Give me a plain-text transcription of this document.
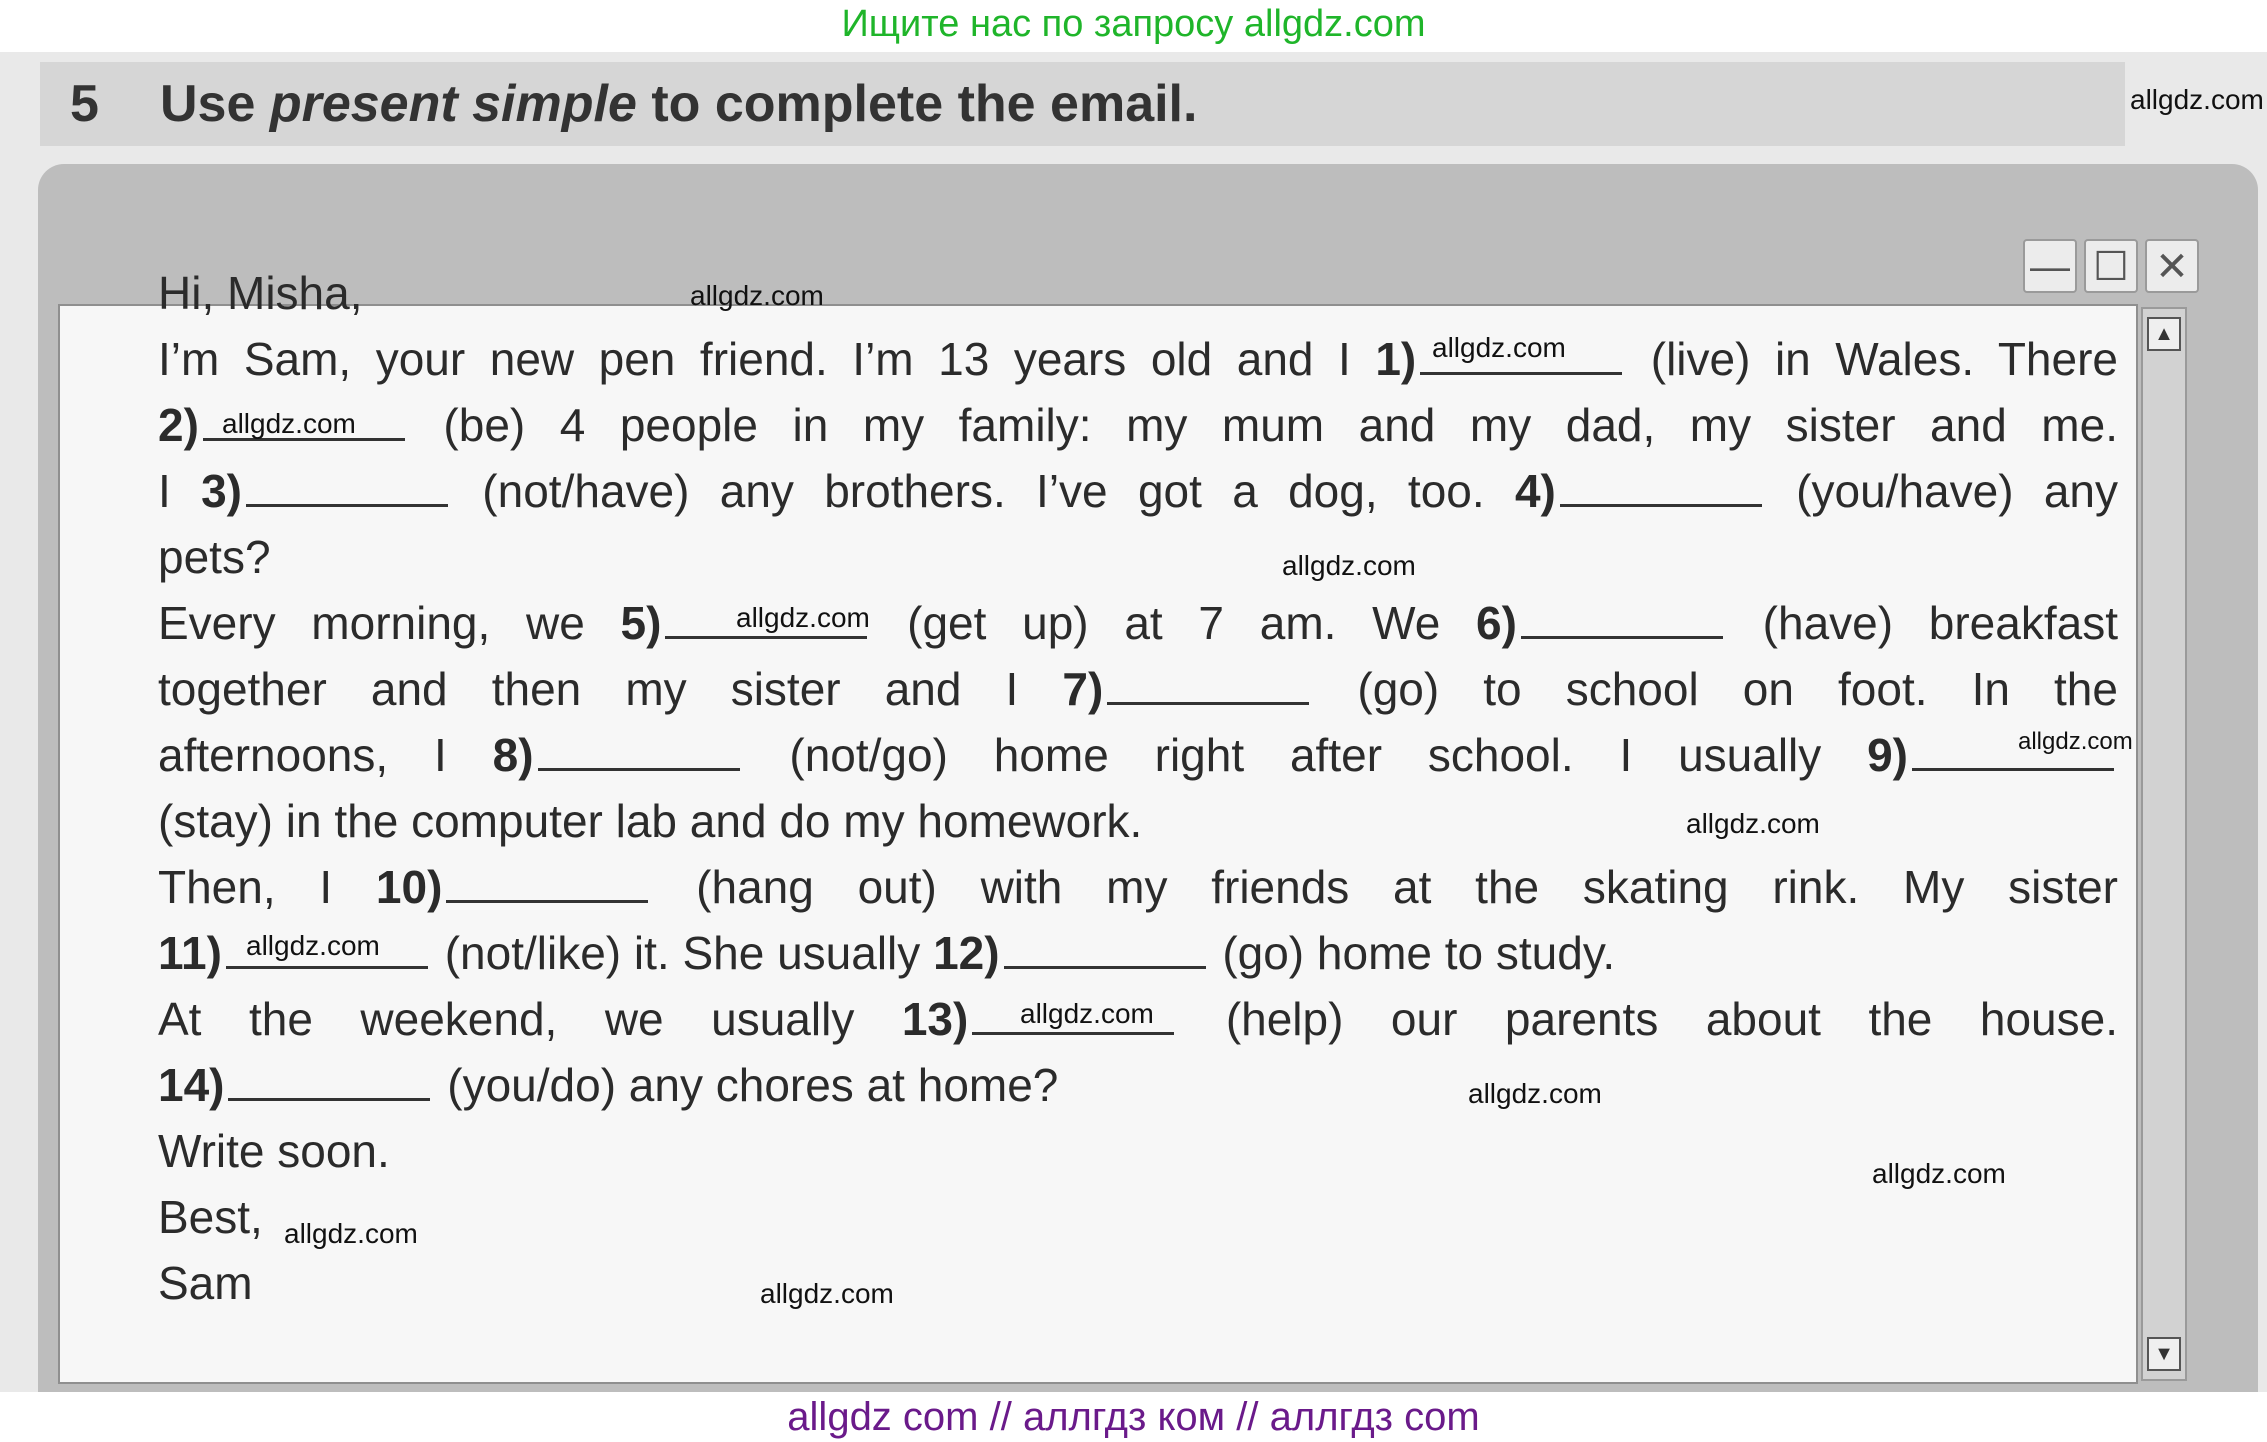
Ищите нас по запросу allgdz.com
5 Use present simple to complete the email.
— ☐ ✕
▲
▼
Hi, Misha,
I’m Sam, your new pen friend. I’m 13 years old and I 1)	(live) in Wales. There
2)	(be) 4 people in my family: my mum and my dad, my sister and me.
I 3)	(not/have) any brothers. I’ve got a dog, too. 4)	(you/have) any
pets?
Every morning, we 5)	(get up) at 7 am. We 6)	(have) breakfast
together and then my sister and I 7)	(go) to school on foot. In the
afternoons, I 8)	(not/go) home right after school. I usually 9)
(stay) in the computer lab and do my homework.
Then, I 10)	(hang out) with my friends at the skating rink. My sister
11)	(not/like) it. She usually 12)	(go) home to study.
At the weekend, we usually 13)	(help) our parents about the house.
14)	(you/do) any chores at home?
Write soon.
Best,
Sam
allgdz.com
allgdz.com
allgdz.com
allgdz.com
allgdz.com
allgdz.com
allgdz.com
allgdz.com
allgdz.com
allgdz.com
allgdz.com
allgdz.com
allgdz.com
allgdz.com
allgdz com // аллгдз ком // аллгдз com
